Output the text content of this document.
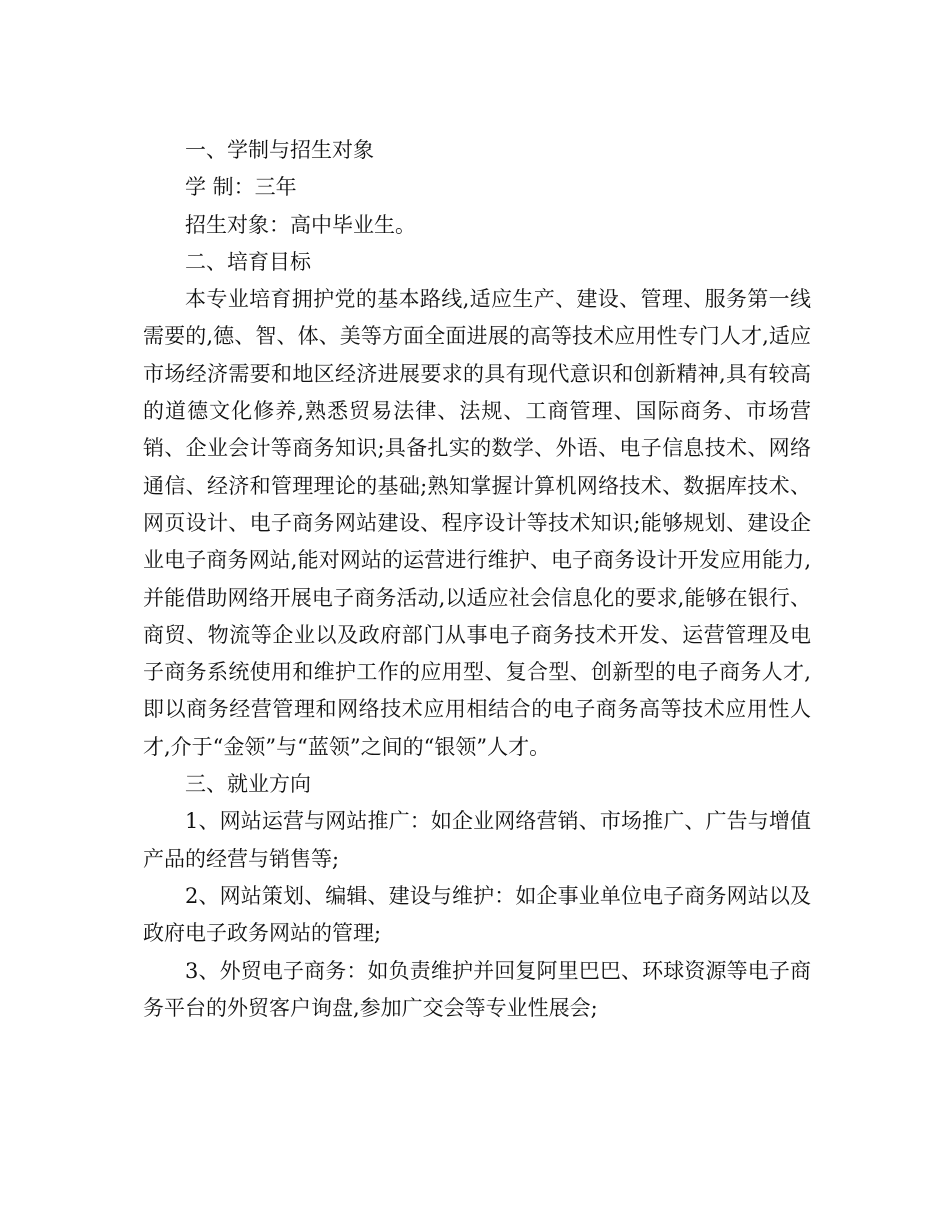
一、学制与招生对象

学 制：三年

招生对象：高中毕业生。

二、培育目标

本专业培育拥护党的基本路线,适应生产、建设、管理、服务第一线需要的,德、智、体、美等方面全面进展的高等技术应用性专门人才,适应市场经济需要和地区经济进展要求的具有现代意识和创新精神,具有较高的道德文化修养,熟悉贸易法律、法规、工商管理、国际商务、市场营销、企业会计等商务知识;具备扎实的数学、外语、电子信息技术、网络通信、经济和管理理论的基础;熟知掌握计算机网络技术、数据库技术、网页设计、电子商务网站建设、程序设计等技术知识;能够规划、建设企业电子商务网站,能对网站的运营进行维护、电子商务设计开发应用能力,并能借助网络开展电子商务活动,以适应社会信息化的要求,能够在银行、商贸、物流等企业以及政府部门从事电子商务技术开发、运营管理及电子商务系统使用和维护工作的应用型、复合型、创新型的电子商务人才,即以商务经营管理和网络技术应用相结合的电子商务高等技术应用性人才,介于“金领”与“蓝领”之间的“银领”人才。

三、就业方向

1、网站运营与网站推广：如企业网络营销、市场推广、广告与增值产品的经营与销售等;

2、网站策划、编辑、建设与维护：如企事业单位电子商务网站以及政府电子政务网站的管理;

3、外贸电子商务：如负责维护并回复阿里巴巴、环球资源等电子商务平台的外贸客户询盘,参加广交会等专业性展会;
